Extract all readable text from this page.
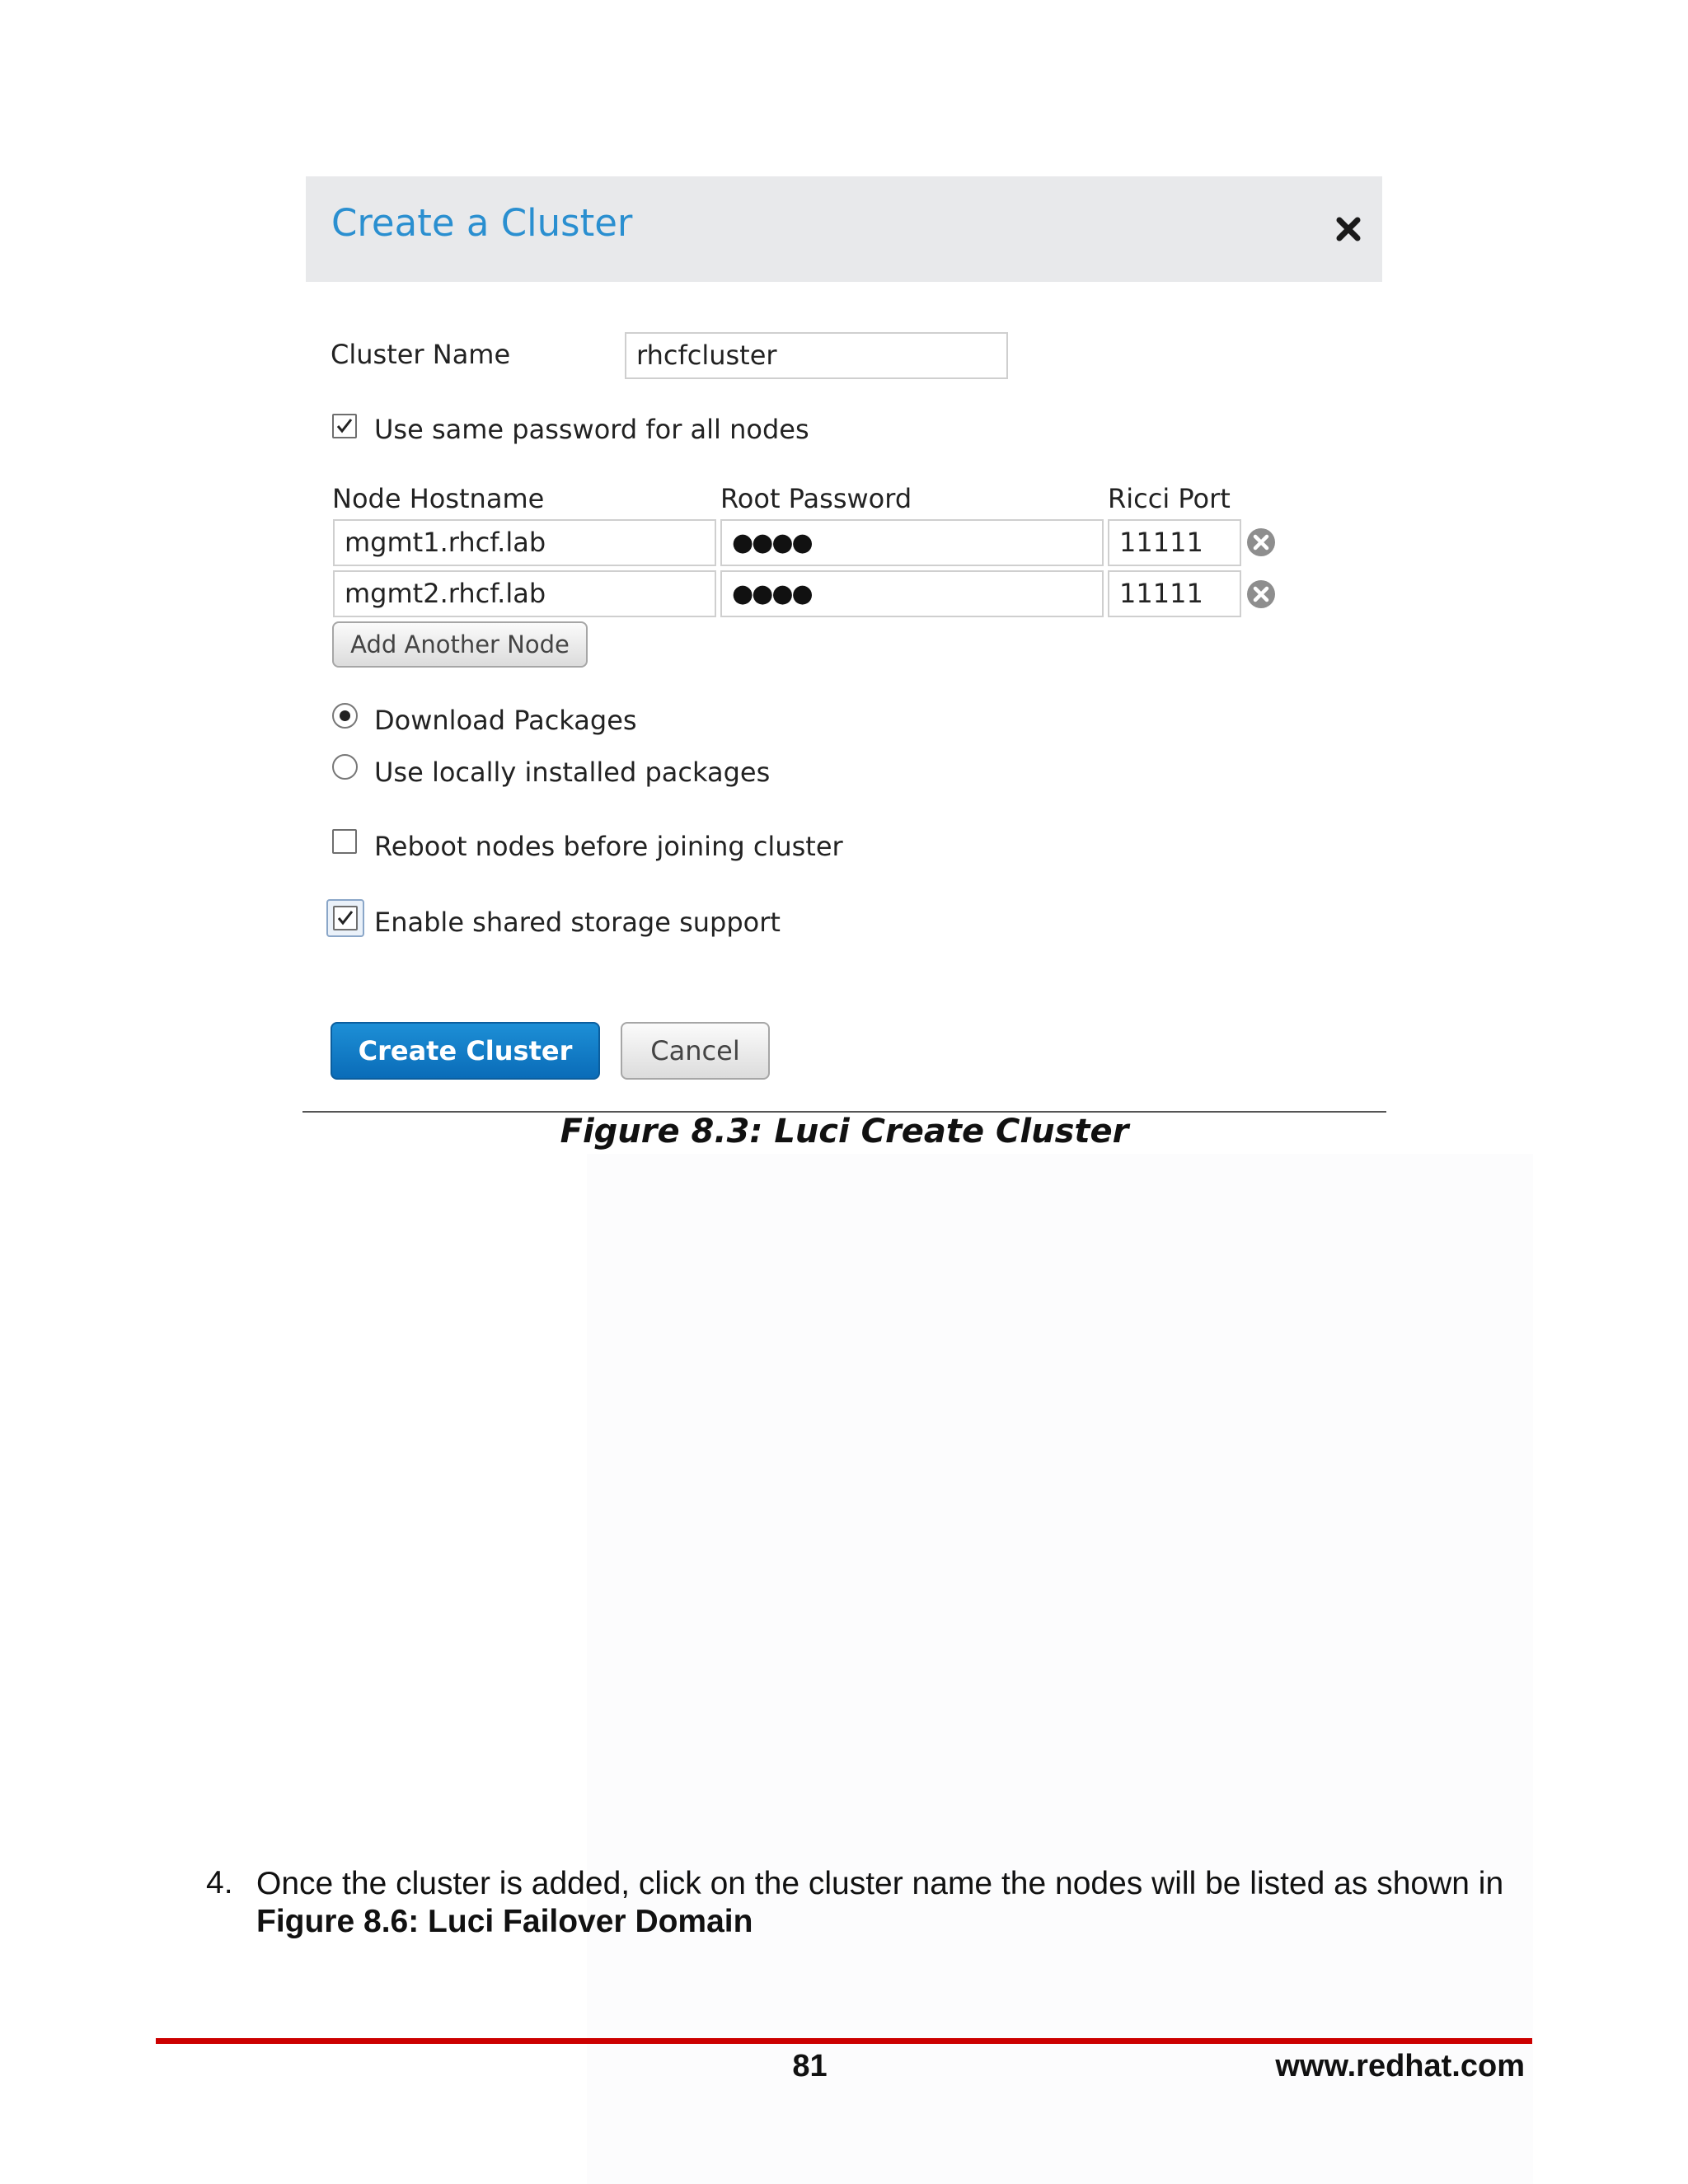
Create a Cluster
Cluster Name	rhcfcluster
Use same password for all nodes
Node Hostname	Root Password	Ricci Port
mgmt1.rhcf.lab	●●●●	11111
mgmt2.rhcf.lab	●●●●	11111
Add Another Node
Download Packages
Use locally installed packages
Reboot nodes before joining cluster
Enable shared storage support
Create Cluster	Cancel
Figure 8.3: Luci Create Cluster
4. Once the cluster is added, click on the cluster name the nodes will be listed as shown in Figure 8.6: Luci Failover Domain
81	www.redhat.com
